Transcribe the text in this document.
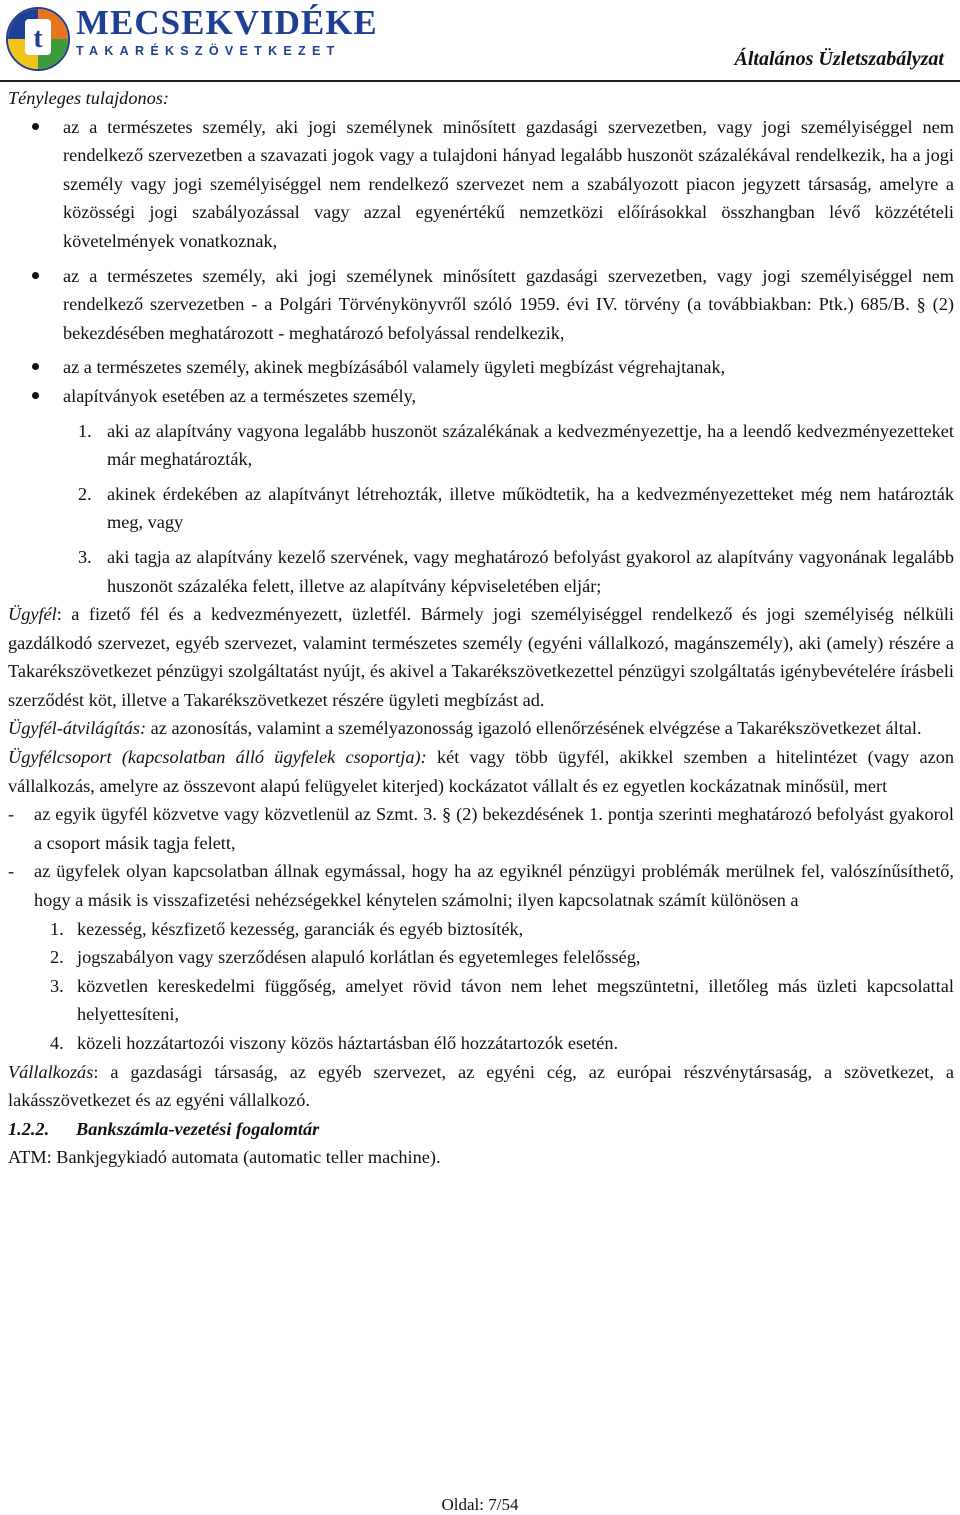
t MECSEKVIDÉKE
TAKARÉKSZÖVETKEZET	Általános Üzletszabályzat

Tényleges tulajdonos:

az a természetes személy, aki jogi személynek minősített gazdasági szervezetben, vagy jogi személyiséggel nem rendelkező szervezetben a szavazati jogok vagy a tulajdoni hányad legalább huszonöt százalékával rendelkezik, ha a jogi személy vagy jogi személyiséggel nem rendelkező szervezet nem a szabályozott piacon jegyzett társaság, amelyre a közösségi jogi szabályozással vagy azzal egyenértékű nemzetközi előírásokkal összhangban lévő közzétételi követelmények vonatkoznak,
az a természetes személy, aki jogi személynek minősített gazdasági szervezetben, vagy jogi személyiséggel nem rendelkező szervezetben - a Polgári Törvénykönyvről szóló 1959. évi IV. törvény (a továbbiakban: Ptk.) 685/B. § (2) bekezdésében meghatározott - meghatározó befolyással rendelkezik,
az a természetes személy, akinek megbízásából valamely ügyleti megbízást végrehajtanak,
alapítványok esetében az a természetes személy,
1. aki az alapítvány vagyona legalább huszonöt százalékának a kedvezményezettje, ha a leendő kedvezményezetteket már meghatározták,
2. akinek érdekében az alapítványt létrehozták, illetve működtetik, ha a kedvezményezetteket még nem határozták meg, vagy
3. aki tagja az alapítvány kezelő szervének, vagy meghatározó befolyást gyakorol az alapítvány vagyonának legalább huszonöt százaléka felett, illetve az alapítvány képviseletében eljár;

Ügyfél: a fizető fél és a kedvezményezett, üzletfél. Bármely jogi személyiséggel rendelkező és jogi személyiség nélküli gazdálkodó szervezet, egyéb szervezet, valamint természetes személy (egyéni vállalkozó, magánszemély), aki (amely) részére a Takarékszövetkezet pénzügyi szolgáltatást nyújt, és akivel a Takarékszövetkezettel pénzügyi szolgáltatás igénybevételére írásbeli szerződést köt, illetve a Takarékszövetkezet részére ügyleti megbízást ad.

Ügyfél-átvilágítás: az azonosítás, valamint a személyazonosság igazoló ellenőrzésének elvégzése a Takarékszövetkezet által.

Ügyfélcsoport (kapcsolatban álló ügyfelek csoportja): két vagy több ügyfél, akikkel szemben a hitelintézet (vagy azon vállalkozás, amelyre az összevont alapú felügyelet kiterjed) kockázatot vállalt és ez egyetlen kockázatnak minősül, mert

- az egyik ügyfél közvetve vagy közvetlenül az Szmt. 3. § (2) bekezdésének 1. pontja szerinti meghatározó befolyást gyakorol a csoport másik tagja felett,
- az ügyfelek olyan kapcsolatban állnak egymással, hogy ha az egyiknél pénzügyi problémák merülnek fel, valószínűsíthető, hogy a másik is visszafizetési nehézségekkel kénytelen számolni; ilyen kapcsolatnak számít különösen a
1. kezesség, készfizető kezesség, garanciák és egyéb biztosíték,
2. jogszabályon vagy szerződésen alapuló korlátlan és egyetemleges felelősség,
3. közvetlen kereskedelmi függőség, amelyet rövid távon nem lehet megszüntetni, illetőleg más üzleti kapcsolattal helyettesíteni,
4. közeli hozzátartozói viszony közös háztartásban élő hozzátartozók esetén.

Vállalkozás: a gazdasági társaság, az egyéb szervezet, az egyéni cég, az európai részvénytársaság, a szövetkezet, a lakásszövetkezet és az egyéni vállalkozó.

1.2.2. Bankszámla-vezetési fogalomtár

ATM: Bankjegykiadó automata (automatic teller machine).

Oldal: 7/54
